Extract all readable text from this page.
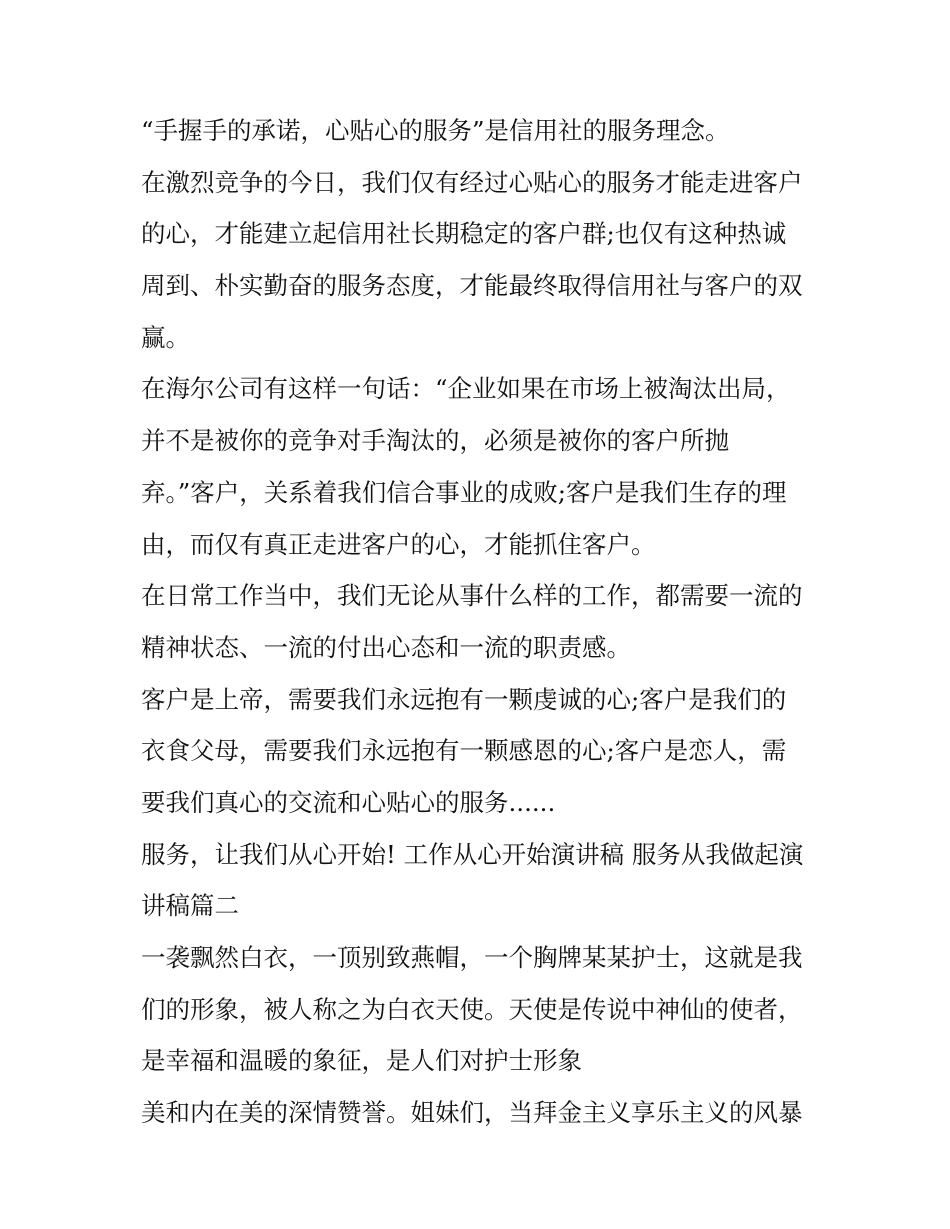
“手握手的承诺，心贴心的服务”是信用社的服务理念。
在激烈竞争的今日，我们仅有经过心贴心的服务才能走进客户
的心，才能建立起信用社长期稳定的客户群;也仅有这种热诚
周到、朴实勤奋的服务态度，才能最终取得信用社与客户的双
赢。
在海尔公司有这样一句话：“企业如果在市场上被淘汰出局，
并不是被你的竞争对手淘汰的，必须是被你的客户所抛
弃。”客户，关系着我们信合事业的成败;客户是我们生存的理
由，而仅有真正走进客户的心，才能抓住客户。
在日常工作当中，我们无论从事什么样的工作，都需要一流的
精神状态、一流的付出心态和一流的职责感。
客户是上帝，需要我们永远抱有一颗虔诚的心;客户是我们的
衣食父母，需要我们永远抱有一颗感恩的心;客户是恋人，需
要我们真心的交流和心贴心的服务......
服务，让我们从心开始! 工作从心开始演讲稿 服务从我做起演
讲稿篇二
一袭飘然白衣，一顶别致燕帽，一个胸牌某某护士，这就是我
们的形象，被人称之为白衣天使。天使是传说中神仙的使者，
是幸福和温暖的象征，是人们对护士形象
美和内在美的深情赞誉。姐妹们，当拜金主义享乐主义的风暴
